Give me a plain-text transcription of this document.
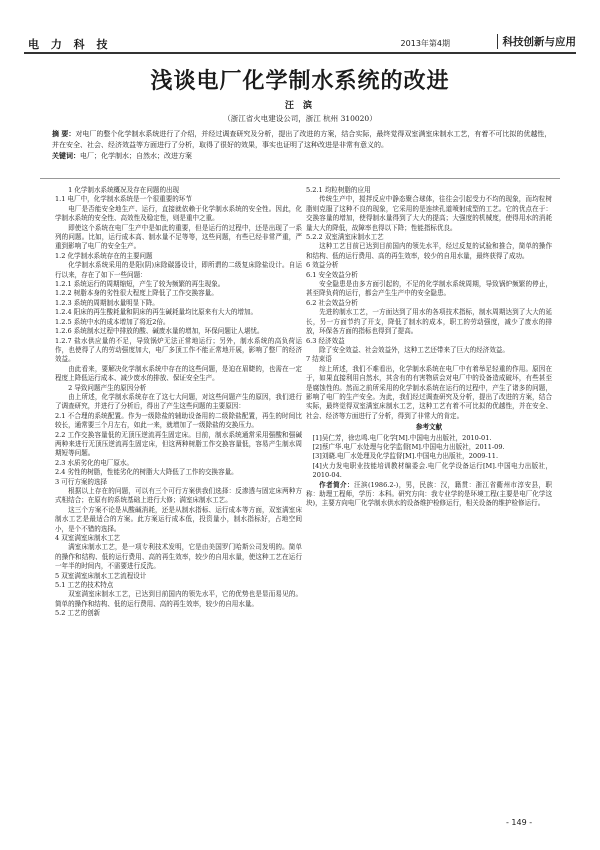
电 力 科 技	2013年第4期	科技创新与应用
浅谈电厂化学制水系统的改进
汪 滨
（浙江省火电建设公司，浙江 杭州 310020）
摘 要：对电厂的整个化学制水系统进行了介绍，并经过调查研究及分析，提出了改进的方案，结合实际，最终觉得双室满室床制水工艺，有着不可比拟的优越性，并在安全、社会、经济效益等方面进行了分析，取得了很好的效果，事实也证明了这种改进是非常有意义的。
关键词：电厂；化学制水；自然水；改进方案

1 化学制水系统概况及存在问题的出现

1.1 电厂中，化学制水系统是一个很重要的环节

电厂是否能安全地生产、运行，直接就依赖于化学制水系统的安全性。因此，化学制水系统的安全性、高效性及稳定性，则是重中之重。

即使这个系统在电厂生产中是如此的重要，但是运行的过程中，还是出现了一系列的问题。比如，运行成本高、制水量不足等等，这些问题，有些已经非常严重，严重到影响了电厂的安全生产。

1.2 化学制水系统存在的主要问题

化学制水系统采用的是阳(阴)床除碳器设计，即所谓的二级复床除盐设计。自运行以来，存在了如下一些问题：

1.2.1 系统运行的周期缩短，产生了较为频繁的再生现象。

1.2.2 树脂本身的劣性很大程度上降低了工作交换容量。

1.2.3 系统的周期制水量明显下降。

1.2.4 阳床的再生酸耗量和阴床的再生碱耗量均比原来有大大的增加。

1.2.5 系统中水的成本增加了将近2倍。

1.2.6 系统制水过程中排放的酸、碱废水量的增加，环保问题让人堪忧。

1.2.7 盐水供应量的不足，导致锅炉无法正常地运行；另外，制水系统的高负荷运作，也使得了人的劳动强度加大，电厂多顶工作不能正常地开展，影响了整厂的经济效益。

由此看来，要解决化学制水系统中存在的这些问题，是迫在眉睫的，也需在一定程度上降低运行成本、减少废水的排放、保证安全生产。

2 导致问题产生的原因分析

由上所述，化学制水系统存在了这七大问题，对这些问题产生的原因，我们进行了调查研究，并进行了分析后，得出了产生这些问题的主要原因：

2.1 不合理的系统配置。作为一级除盐的辅助设备用的二级除盐配置，再生的时间比较长，通常要三个月左右，如此一来，就增加了一级除盐的交换压力。

2.2 工作交换容量低的无顶压逆流再生固定床。目前，制水系统通常采用强酸和强碱两种来进行无顶压逆流再生固定床，但这两种树脂工作交换容量低，容易产生制水周期短等问题。

2.3 水质劣化的电厂原水。

2.4 劣性的树脂，性能劣化的树脂大大降低了工作的交换容量。

3 可行方案的选择

根据以上存在的问题，可以有三个可行方案供我们选择：反渗透与固定床两种方式相结合；在原有的系统基础上进行大修；满室床制水工艺。

这三个方案不论是从酸碱消耗，还是从制水指标、运行成本等方面，双室满室床制水工艺是最适合的方案。此方案运行成本低，投资量小，制水指标好，占地空间小，是个不错的选择。

4 双室满室床制水工艺

满室床制水工艺，是一项专利技术发明，它是由美国罗门哈斯公司发明的。简单的操作和结构、低的运行费用、高的再生效率，较少的自用水量，使这种工艺在运行一年半的时间内，不需要进行反洗。

5 双室满室床制水工艺流程设计

5.1 工艺的技术特点

双室满室床制水工艺，已达到目前国内的领先水平，它的优势也是显而易见的。简单的操作和结构、低的运行费用、高的再生效率，较少的自用水量。

5.2 工艺的创新

5.2.1 均粒树脂的应用

传统生产中，搅拌反应中静态聚合球体，往往会引起受力不均的现象，而均粒树脂则克服了这种不良的现象，它采用的是连续孔道喷射成型的工艺。它的优点在于：交换容量的增加，使得制水量得到了大大的提高；大强度的机械度，使得用水的消耗量大大的降低，故障率也得以下降；性能指标优良。

5.2.2 双室满室床制水工艺

这种工艺目前已达到目前国内的领先水平，经过反复的试验和推合，简单的操作和结构、低的运行费用、高的再生效率，较少的自用水量，最终获得了成功。

6 效益分析

6.1 安全效益分析

安全隐患是由多方面引起的，不足的化学制水系统周期，导致锅炉频繁的停止，甚至降负荷的运行，都会产生生产中的安全隐患。

6.2 社会效益分析

先进的制水工艺，一方面达到了用水的各项技术指标，制水周期达到了大大的延长，另一方面节约了开支，降低了制水的成本，职工的劳动强度，减少了废水的排放，环保各方面的指标也得到了提高。

6.3 经济效益

除了安全效益、社会效益外，这种工艺还带来了巨大的经济效益。

7 结束语

综上所述，我们不难看出，化学制水系统在电厂中有着举足轻重的作用。原因在于，如果直接利用自然水，其含有的有害物质会对电厂中的设备造成破坏，有些甚至是腐蚀性的。然而之前所采用的化学制水系统在运行的过程中，产生了诸多的问题，影响了电厂的生产安全。为此，我们经过调查研究及分析，提出了改进的方案，结合实际，最终觉得双室满室床制水工艺，这种工艺有着不可比拟的优越性，并在安全、社会、经济等方面进行了分析，得到了非常大的肯定。

参考文献

[1]吴仁芳，徐忠鸣.电厂化学[M].中国电力出版社，2010-01.

[2]蔡广华.电厂水处理与化学监督[M].中国电力出版社，2011-09.

[3]刘晓.电厂水处理及化学监督[M].中国电力出版社，2009-11.

[4]火力发电职业技能培训教材编委会.电厂化学设备运行[M].中国电力出版社，2010-04.

作者简介：汪滨(1986.2-)，男，民族：汉，籍贯：浙江省衢州市淳安县，职称：助理工程师，学历：本科。研究方向：我专业学的是环境工程(主要是电厂化学这块)，主要方向电厂化学制水供水的设备维护检修运行，相关设备的维护检修运行。

- 149 -
